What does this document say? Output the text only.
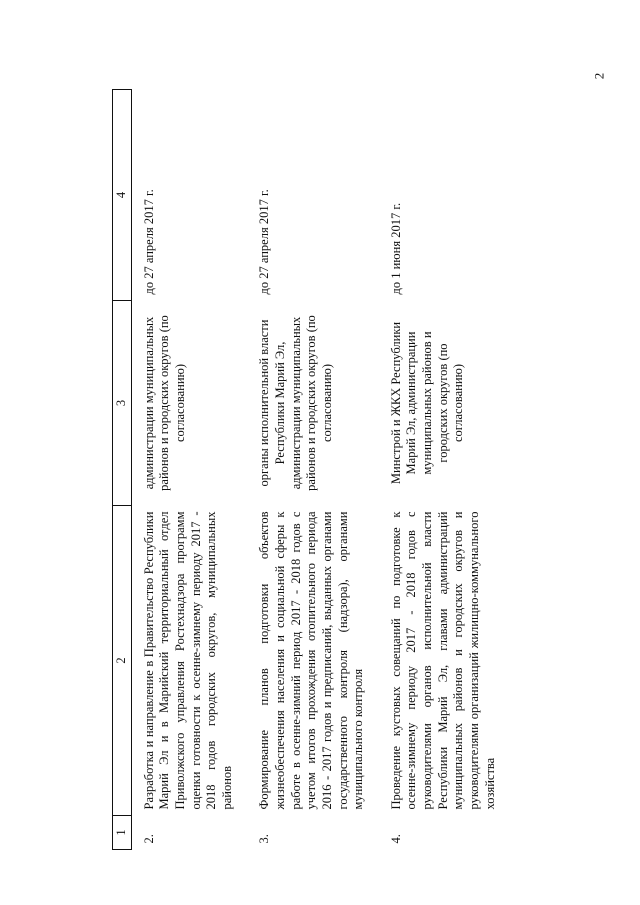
2
1	2	3	4
2.	Разработка и направление в Правительство Республики Марий Эл и в Марийский территориальный отдел Приволжского управления Ростехнадзора программ оценки готовности к осенне-зимнему периоду 2017 - 2018 годов городских округов, муниципальных районов	администрации муниципальных районов и городских округов (по согласованию)	до 27 апреля 2017 г.
3.	Формирование планов подготовки объектов жизнеобеспечения населения и социальной сферы к работе в осенне-зимний период 2017 - 2018 годов с учетом итогов прохождения отопительного периода 2016 - 2017 годов и предписаний, выданных органами государственного контроля (надзора), органами муниципального контроля	органы исполнительной власти Республики Марий Эл, администрации муниципальных районов и городских округов (по согласованию)	до 27 апреля 2017 г.
4.	Проведение кустовых совещаний по подготовке к осенне-зимнему периоду 2017 - 2018 годов с руководителями органов исполнительной власти Республики Марий Эл, главами администраций муниципальных районов и городских округов и руководителями организаций жилищно-коммунального хозяйства	Минстрой и ЖКХ Республики Марий Эл, администрации муниципальных районов и городских округов (по согласованию)	до 1 июня 2017 г.
